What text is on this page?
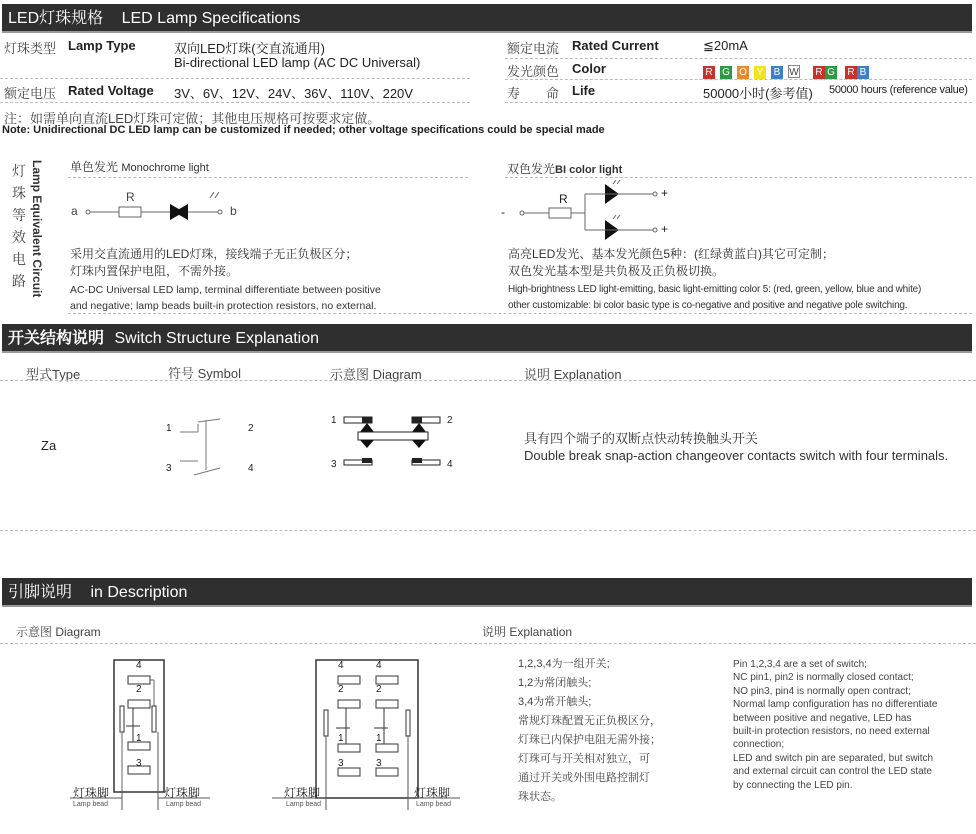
LED灯珠规格 LED Lamp Specifications
灯珠类型 Lamp Type	双向LED灯珠(交直流通用)
Bi-directional LED lamp (AC DC Universal)
额定电压 Rated Voltage 3V、6V、12V、24V、36V、110V、220V
额定电流 Rated Current	≦20mA
发光颜色 Color	R G O Y B W R G R B
寿　　命 Life	50000小时(参考值) 50000 hours (reference value)
注：如需单向直流LED灯珠可定做；其他电压规格可按要求定做。
Note: Unidirectional DC LED lamp can be customized if needed; other voltage specifications could be special made
灯珠等效电路 Lamp Equivalent Circuit 单色发光 Monochrome light
a	b
R
采用交直流通用的LED灯珠，接线端子无正负极区分；
灯珠内置保护电阻，不需外接。
AC-DC Universal LED lamp, terminal differentiate between positive
and negative; lamp beads built-in protection resistors, no external.
双色发光BI color light
-
R	+
+
高亮LED发光、基本发光颜色5种：(红绿黄蓝白)其它可定制；
双色发光基本型是共负极及正负极切换。
High-brightness LED light-emitting, basic light-emitting color 5: (red, green, yellow, blue and white)
other customizable: bi color basic type is co-negative and positive and negative pole switching.
开关结构说明 Switch Structure Explanation
型式Type	符号 Symbol	示意图 Diagram	说明 Explanation
Za
1	2
3	4
1	2
3	4
具有四个端子的双断点快动转换触头开关
Double break snap-action changeover contacts switch with four terminals.
引脚说明 in Description
示意图 Diagram	说明 Explanation
4
2
1
3
4
2
1
3
4
2
1
3
灯珠脚
Lamp bead
灯珠脚
Lamp bead
灯珠脚
Lamp bead
灯珠脚
Lamp bead
1,2,3,4为一组开关;
1,2为常闭触头;
3,4为常开触头;
常规灯珠配置无正负极区分，
灯珠已内保护电阻无需外接；
灯珠可与开关相对独立，可
通过开关或外围电路控制灯
珠状态。
Pin 1,2,3,4 are a set of switch;
NC pin1, pin2 is normally closed contact;
NO pin3, pin4 is normally open contract;
Normal lamp configuration has no differentiate
between positive and negative, LED has
built-in protection resistors, no need external
connection;
LED and switch pin are separated, but switch
and external circuit can control the LED state
by connecting the LED pin.
